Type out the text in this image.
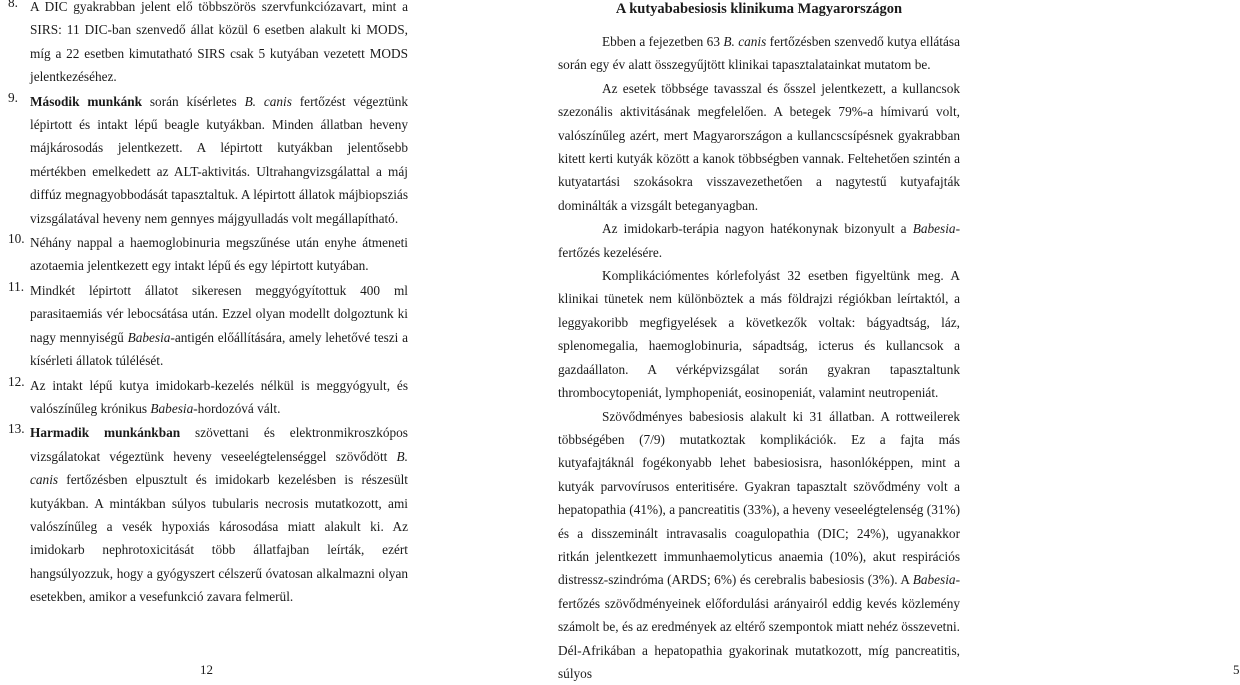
8. A DIC gyakrabban jelent elő többszörös szervfunkciózavart, mint a SIRS: 11 DIC-ban szenvedő állat közül 6 esetben alakult ki MODS, míg a 22 esetben kimutatható SIRS csak 5 kutyában vezetett MODS jelentkezéséhez.

9. Második munkánk során kísérletes B. canis fertőzést végeztünk lépirtott és intakt lépű beagle kutyákban. Minden állatban heveny májkárosodás jelentkezett. A lépirtott kutyákban jelentősebb mértékben emelkedett az ALT-aktivitás. Ultrahangvizsgálattal a máj diffúz megnagyobbodását tapasztaltuk. A lépirtott állatok májbiopsziás vizsgálatával heveny nem gennyes májgyulladás volt megállapítható.

10. Néhány nappal a haemoglobinuria megszűnése után enyhe átmeneti azotaemia jelentkezett egy intakt lépű és egy lépirtott kutyában.

11. Mindkét lépirtott állatot sikeresen meggyógyítottuk 400 ml parasitaemiás vér lebocsátása után. Ezzel olyan modellt dolgoztunk ki nagy mennyiségű Babesia-antigén előállítására, amely lehetővé teszi a kísérleti állatok túlélését.

12. Az intakt lépű kutya imidokarb-kezelés nélkül is meggyógyult, és valószínűleg krónikus Babesia-hordozóvá vált.

13. Harmadik munkánkban szövettani és elektronmikroszkópos vizsgálatokat végeztünk heveny veseelégtelenséggel szövődött B. canis fertőzésben elpusztult és imidokarb kezelésben is részesült kutyákban. A mintákban súlyos tubularis necrosis mutatkozott, ami valószínűleg a vesék hypoxiás károsodása miatt alakult ki. Az imidokarb nephrotoxicitását több állatfajban leírták, ezért hangsúlyozzuk, hogy a gyógyszert célszerű óvatosan alkalmazni olyan esetekben, amikor a vesefunkció zavara felmerül.

12
A kutyababesiosis klinikuma Magyarországon

Ebben a fejezetben 63 B. canis fertőzésben szenvedő kutya ellátása során egy év alatt összegyűjtött klinikai tapasztalatainkat mutatom be.

Az esetek többsége tavasszal és ősszel jelentkezett, a kullancsok szezonális aktivitásának megfelelően. A betegek 79%-a hímivarú volt, valószínűleg azért, mert Magyarországon a kullancscsípésnek gyakrabban kitett kerti kutyák között a kanok többségben vannak. Feltehetően szintén a kutyatartási szokásokra visszavezethetően a nagytestű kutyafajták dominálták a vizsgált beteganyagban.

Az imidokarb-terápia nagyon hatékonynak bizonyult a Babesia-fertőzés kezelésére.

Komplikációmentes kórlefolyást 32 esetben figyeltünk meg. A klinikai tünetek nem különböztek a más földrajzi régiókban leírtaktól, a leggyakoribb megfigyelések a következők voltak: bágyadtság, láz, splenomegalia, haemoglobinuria, sápadtság, icterus és kullancsok a gazdaállaton. A vérképvizsgálat során gyakran tapasztaltunk thrombocytopeniát, lymphopeniát, eosinopeniát, valamint neutropeniát.

Szövődményes babesiosis alakult ki 31 állatban. A rottweilerek többségében (7/9) mutatkoztak komplikációk. Ez a fajta más kutyafajtáknál fogékonyabb lehet babesiosisra, hasonlóképpen, mint a kutyák parvovírusos enteritisére. Gyakran tapasztalt szövődmény volt a hepatopathia (41%), a pancreatitis (33%), a heveny veseelégtelenség (31%) és a disszeminált intravasalis coagulopathia (DIC; 24%), ugyanakkor ritkán jelentkezett immunhaemolyticus anaemia (10%), akut respirációs distressz-szindróma (ARDS; 6%) és cerebralis babesiosis (3%). A Babesia-fertőzés szövődményeinek előfordulási arányairól eddig kevés közlemény számolt be, és az eredmények az eltérő szempontok miatt nehéz összevetni. Dél-Afrikában a hepatopathia gyakorinak mutatkozott, míg pancreatitis, súlyos	5
